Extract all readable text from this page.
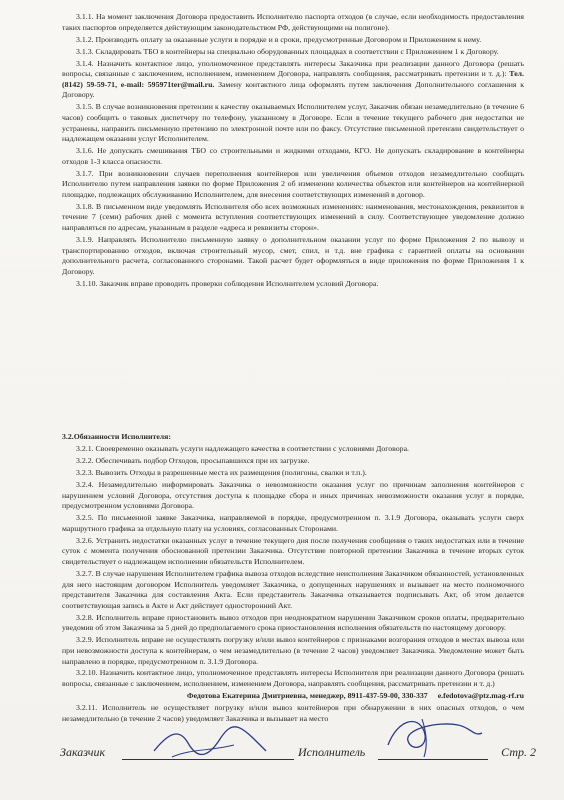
3.1.1. На момент заключения Договора предоставить Исполнителю паспорта отходов (в случае, если необходимость предоставления таких паспортов определяется действующим законодательством РФ, действующими на полигоне).

3.1.2. Производить оплату за оказанные услуги в порядке и в сроки, предусмотренные Договором и Приложением к нему.

3.1.3. Складировать ТБО в контейнеры на специально оборудованных площадках в соответствии с Приложением 1 к Договору.

3.1.4. Назначить контактное лицо, уполномоченное представлять интересы Заказчика при реализации данного Договора (решать вопросы, связанные с заключением, исполнением, изменением Договора, направлять сообщения, рассматривать претензии и т. д.): Тел.(8142) 59-59-71, e-mail: 595971ter@mail.ru. Замену контактного лица оформлять путем заключения Дополнительного соглашения к Договору.

3.1.5. В случае возникновения претензии к качеству оказываемых Исполнителем услуг, Заказчик обязан незамедлительно (в течение 6 часов) сообщить о таковых диспетчеру по телефону, указанному в Договоре. Если в течение текущего рабочего дня недостатки не устранены, направить письменную претензию по электронной почте или по факсу. Отсутствие письменной претензии свидетельствует о надлежащем оказании услуг Исполнителем.

3.1.6. Не допускать смешивания ТБО со строительными и жидкими отходами, КГО. Не допускать складирование в контейнеры отходов 1-3 класса опасности.

3.1.7. При возникновении случаев переполнения контейнеров или увеличения объемов отходов незамедлительно сообщать Исполнителю путем направления заявки по форме Приложения 2 об изменении количества объектов или контейнеров на контейнерной площадке, подлежащих обслуживанию Исполнителем, для внесения соответствующих изменений в договор.

3.1.8. В письменном виде уведомлять Исполнителя обо всех возможных изменениях: наименования, местонахождения, реквизитов в течение 7 (семи) рабочих дней с момента вступления соответствующих изменений в силу. Соответствующее уведомление должно направляться по адресам, указанным в разделе «адреса и реквизиты сторон».

3.1.9. Направлять Исполнителю письменную заявку о дополнительном оказании услуг по форме Приложения 2 по вывозу и транспортированию отходов, включая строительный мусор, смет, спил, и т.д. вне графика с гарантией оплаты на основании дополнительного расчета, согласованного сторонами. Такой расчет будет оформляться в виде приложения по форме Приложения 1 к Договору.

3.1.10. Заказчик вправе проводить проверки соблюдения Исполнителем условий Договора.

3.2.Обязанности Исполнителя:

3.2.1. Своевременно оказывать услуги надлежащего качества в соответствии с условиями Договора.

3.2.2. Обеспечивать подбор Отходов, просыпавшихся при их загрузке.

3.2.3. Вывозить Отходы в разрешенные места их размещения (полигоны, свалки и т.п.).

3.2.4. Незамедлительно информировать Заказчика о невозможности оказания услуг по причинам заполнения контейнеров с нарушением условий Договора, отсутствия доступа к площадке сбора и иных причинах невозможности оказания услуг в порядке, предусмотренном условиями Договора.

3.2.5. По письменной заявке Заказчика, направляемой в порядке, предусмотренном п. 3.1.9 Договора, оказывать услуги сверх маршрутного графика за отдельную плату на условиях, согласованных Сторонами.

3.2.6. Устранить недостатки оказанных услуг в течение текущего дня после получения сообщения о таких недостатках или в течение суток с момента получения обоснованной претензии Заказчика. Отсутствие повторной претензии Заказчика в течение вторых суток свидетельствует о надлежащем исполнении обязательств Исполнителем.

3.2.7. В случае нарушения Исполнителем графика вывоза отходов вследствие неисполнения Заказчиком обязанностей, установленных для него настоящим договором Исполнитель уведомляет Заказчика, о допущенных нарушениях и вызывает на место полномочного представителя Заказчика для составления Акта. Если представитель Заказчика отказывается подписывать Акт, об этом делается соответствующая запись в Акте и Акт действует односторонний Акт.

3.2.8. Исполнитель вправе приостановить вывоз отходов при неоднократном нарушении Заказчиком сроков оплаты, предварительно уведомив об этом Заказчика за 5 дней до предполагаемого срока приостановления исполнения обязательств по настоящему договору.

3.2.9. Исполнитель вправе не осуществлять погрузку и/или вывоз контейнеров с признаками возгорания отходов в местах вывоза или при невозможности доступа к контейнерам, о чем незамедлительно (в течение 2 часов) уведомляет Заказчика. Уведомление может быть направлено в порядке, предусмотренном п. 3.1.9 Договора.

3.2.10. Назначить контактное лицо, уполномоченное представлять интересы Исполнителя при реализации данного Договора (решать вопросы, связанные с заключением, исполнением, изменением Договора, направлять сообщения, рассматривать претензии и т. д.)

Федотова Екатерина Дмитриевна, менеджер, 8911-437-59-00, 330-337 e.fedotova@ptz.mag-rf.ru

3.2.11. Исполнитель не осуществляет погрузку и/или вывоз контейнеров при обнаружении в них опасных отходов, о чем незамедлительно (в течение 2 часов) уведомляет Заказчика и вызывает на место

Заказчик	Исполнитель	Стр. 2
